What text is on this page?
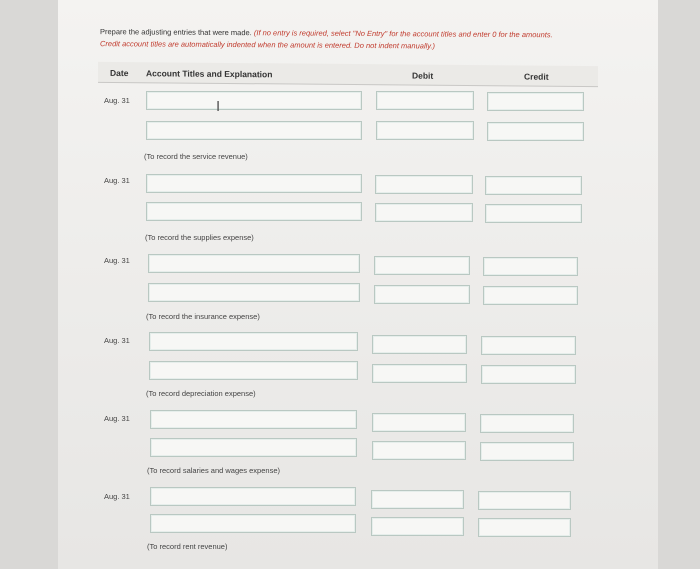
Prepare the adjusting entries that were made. (If no entry is required, select "No Entry" for the account titles and enter 0 for the amounts.
Credit account titles are automatically indented when the amount is entered. Do not indent manually.)
Date Account Titles and Explanation	Debit	Credit
Aug. 31
(To record the service revenue)
I
Aug. 31
(To record the supplies expense)
Aug. 31
(To record the insurance expense)
Aug. 31
(To record depreciation expense)
Aug. 31
(To record salaries and wages expense)
Aug. 31
(To record rent revenue)
